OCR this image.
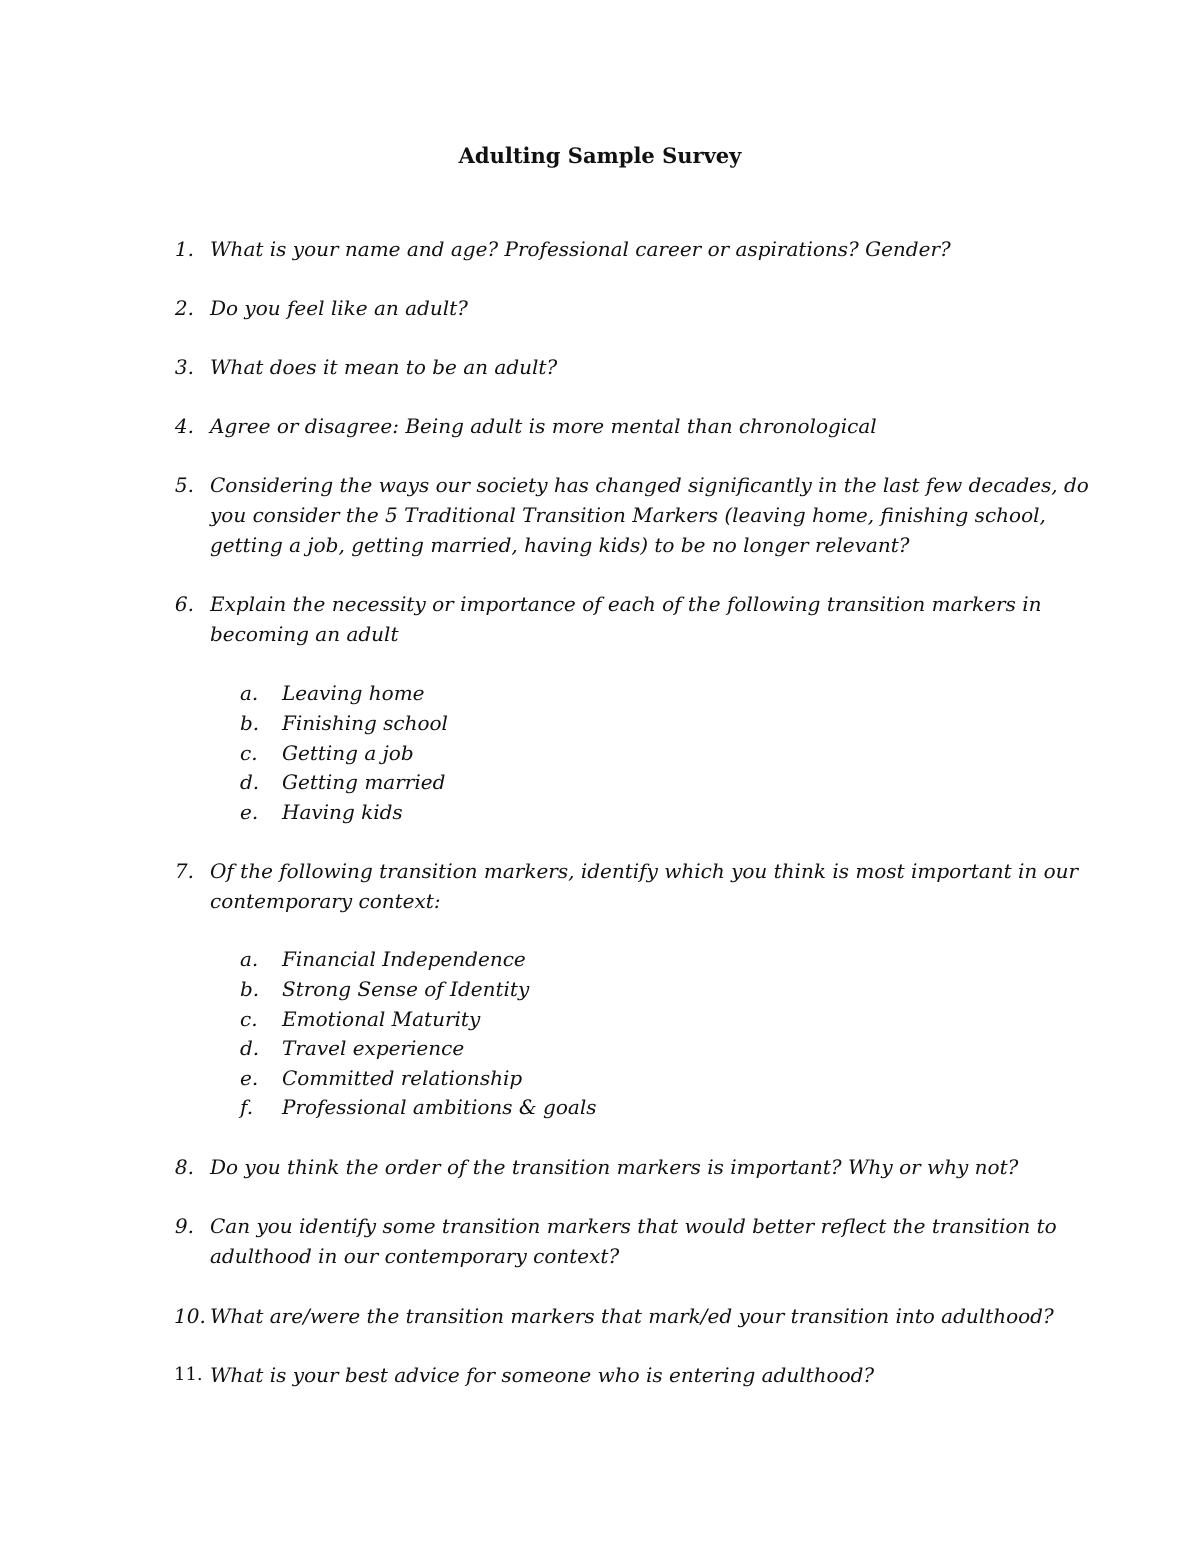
Adulting Sample Survey
1. What is your name and age? Professional career or aspirations? Gender?
2. Do you feel like an adult?
3. What does it mean to be an adult?
4. Agree or disagree: Being adult is more mental than chronological
5. Considering the ways our society has changed significantly in the last few decades, do
you consider the 5 Traditional Transition Markers (leaving home, finishing school,
getting a job, getting married, having kids) to be no longer relevant?
6. Explain the necessity or importance of each of the following transition markers in
becoming an adult
a. Leaving home
b. Finishing school
c. Getting a job
d. Getting married
e. Having kids
7. Of the following transition markers, identify which you think is most important in our
contemporary context:
a. Financial Independence
b. Strong Sense of Identity
c. Emotional Maturity
d. Travel experience
e. Committed relationship
f. Professional ambitions & goals
8. Do you think the order of the transition markers is important? Why or why not?
9. Can you identify some transition markers that would better reflect the transition to
adulthood in our contemporary context?
10. What are/were the transition markers that mark/ed your transition into adulthood?
11. What is your best advice for someone who is entering adulthood?
